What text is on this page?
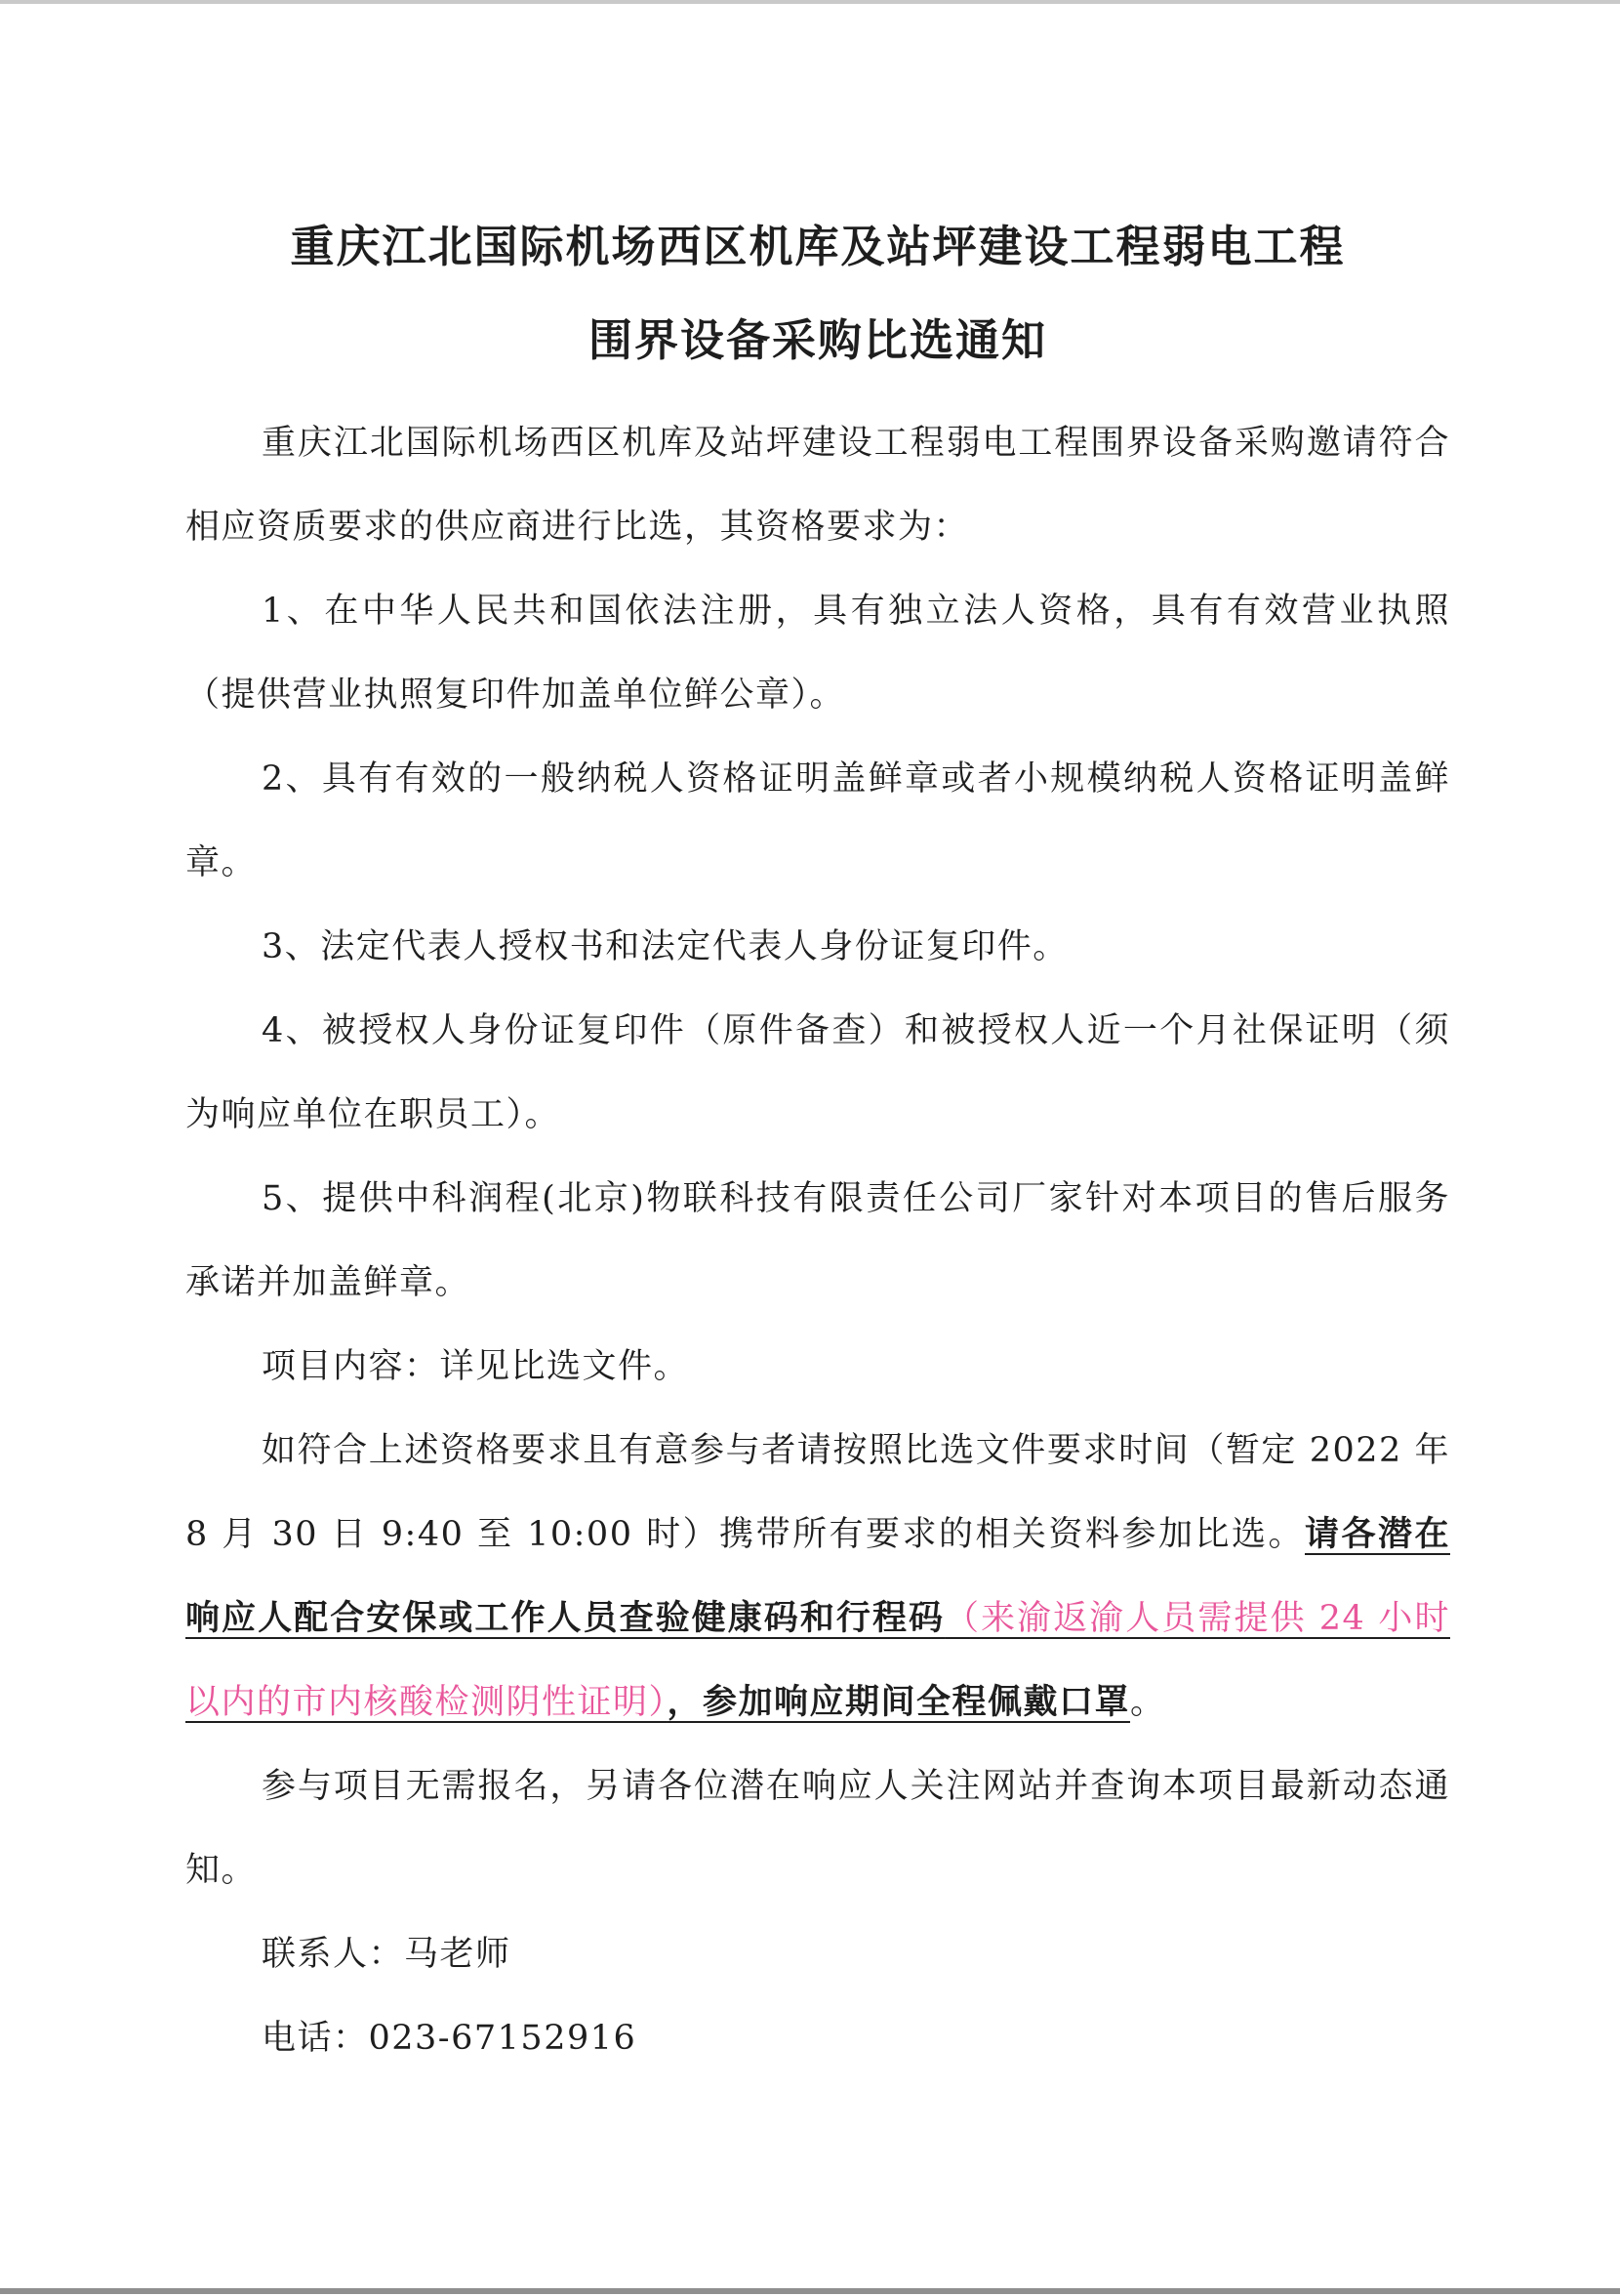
重庆江北国际机场西区机库及站坪建设工程弱电工程
围界设备采购比选通知

重庆江北国际机场西区机库及站坪建设工程弱电工程围界设备采购邀请符合相应资质要求的供应商进行比选，其资格要求为：

1、在中华人民共和国依法注册，具有独立法人资格，具有有效营业执照（提供营业执照复印件加盖单位鲜公章）。

2、具有有效的一般纳税人资格证明盖鲜章或者小规模纳税人资格证明盖鲜章。

3、法定代表人授权书和法定代表人身份证复印件。

4、被授权人身份证复印件（原件备查）和被授权人近一个月社保证明（须为响应单位在职员工）。

5、提供中科润程(北京)物联科技有限责任公司厂家针对本项目的售后服务承诺并加盖鲜章。

项目内容：详见比选文件。

如符合上述资格要求且有意参与者请按照比选文件要求时间（暂定 2022 年 8 月 30 日 9:40 至 10:00 时）携带所有要求的相关资料参加比选。请各潜在响应人配合安保或工作人员查验健康码和行程码（来渝返渝人员需提供 24 小时以内的市内核酸检测阴性证明），参加响应期间全程佩戴口罩。

参与项目无需报名，另请各位潜在响应人关注网站并查询本项目最新动态通知。

联系人：马老师

电话：023-67152916
